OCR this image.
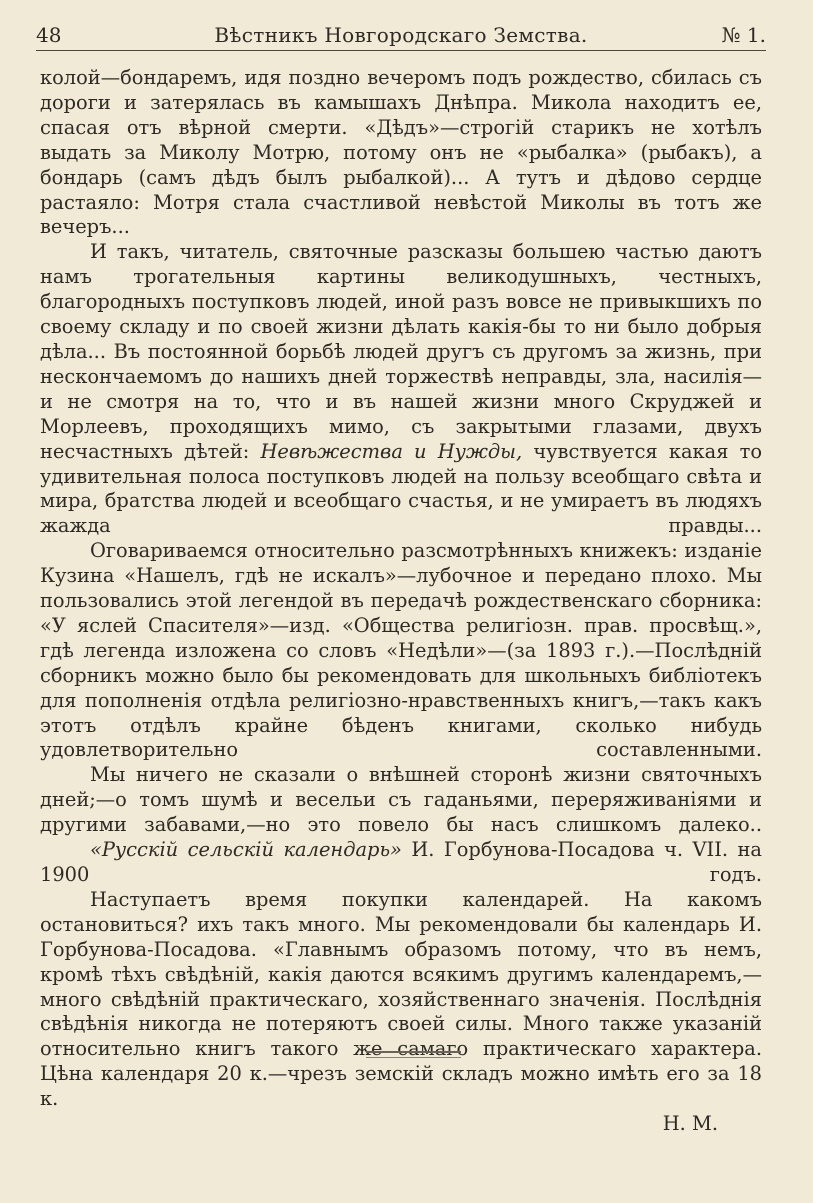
48	Вѣстникъ Новгородскаго Земства.	№ 1.

колой—бондаремъ, идя поздно вечеромъ подъ рождество, сбилась съ дороги и затерялась въ камышахъ Днѣпра. Микола находитъ ее, спасая отъ вѣрной смерти. «Дѣдъ»—строгій старикъ не хотѣлъ выдать за Миколу Мотрю, потому онъ не «рыбалка» (рыбакъ), а бондарь (самъ дѣдъ былъ рыбалкой)... А тутъ и дѣдово сердце растаяло: Мотря стала счастливой невѣстой Миколы въ тотъ же вечеръ...

И такъ, читатель, святочные разсказы большею частью даютъ намъ трогательныя картины великодушныхъ, честныхъ, благородныхъ поступковъ людей, иной разъ вовсе не привыкшихъ по своему складу и по своей жизни дѣлать какія-бы то ни было добрыя дѣла... Въ постоянной борьбѣ людей другъ съ другомъ за жизнь, при нескончаемомъ до нашихъ дней торжествѣ неправды, зла, насилія—и не смотря на то, что и въ нашей жизни много Скруджей и Морлеевъ, проходящихъ мимо, съ закрытыми глазами, двухъ несчастныхъ дѣтей: Невѣжества и Нужды, чувствуется какая то удивительная полоса поступковъ людей на пользу всеобщаго свѣта и мира, братства людей и всеобщаго счастья, и не умираетъ въ людяхъ жажда правды...

Оговариваемся относительно разсмотрѣнныхъ книжекъ: изданіе Кузина «Нашелъ, гдѣ не искалъ»—лубочное и передано плохо. Мы пользовались этой легендой въ передачѣ рождественскаго сборника: «У яслей Спасителя»—изд. «Общества религіозн. прав. просвѣщ.», гдѣ легенда изложена со словъ «Недѣли»—(за 1893 г.).—Послѣдній сборникъ можно было бы рекомендовать для школьныхъ библіотекъ для пополненія отдѣла религіозно-нравственныхъ книгъ,—такъ какъ этотъ отдѣлъ крайне бѣденъ книгами, сколько нибудь удовлетворительно составленными.

Мы ничего не сказали о внѣшней сторонѣ жизни святочныхъ дней;—о томъ шумѣ и весельи съ гаданьями, переряживаніями и другими забавами,—но это повело бы насъ слишкомъ далеко..

«Русскій сельскій календарь» И. Горбунова-Посадова ч. VII. на 1900 годъ.

Наступаетъ время покупки календарей. На какомъ остановиться? ихъ такъ много. Мы рекомендовали бы календарь И. Горбунова-Посадова. «Главнымъ образомъ потому, что въ немъ, кромѣ тѣхъ свѣдѣній, какія даются всякимъ другимъ календаремъ,—много свѣдѣній практическаго, хозяйственнаго значенія. Послѣднія свѣдѣнія никогда не потеряютъ своей силы. Много также указаній относительно книгъ такого же самаго практическаго характера. Цѣна календаря 20 к.—чрезъ земскій складъ можно имѣть его за 18 к.

Н. М.
